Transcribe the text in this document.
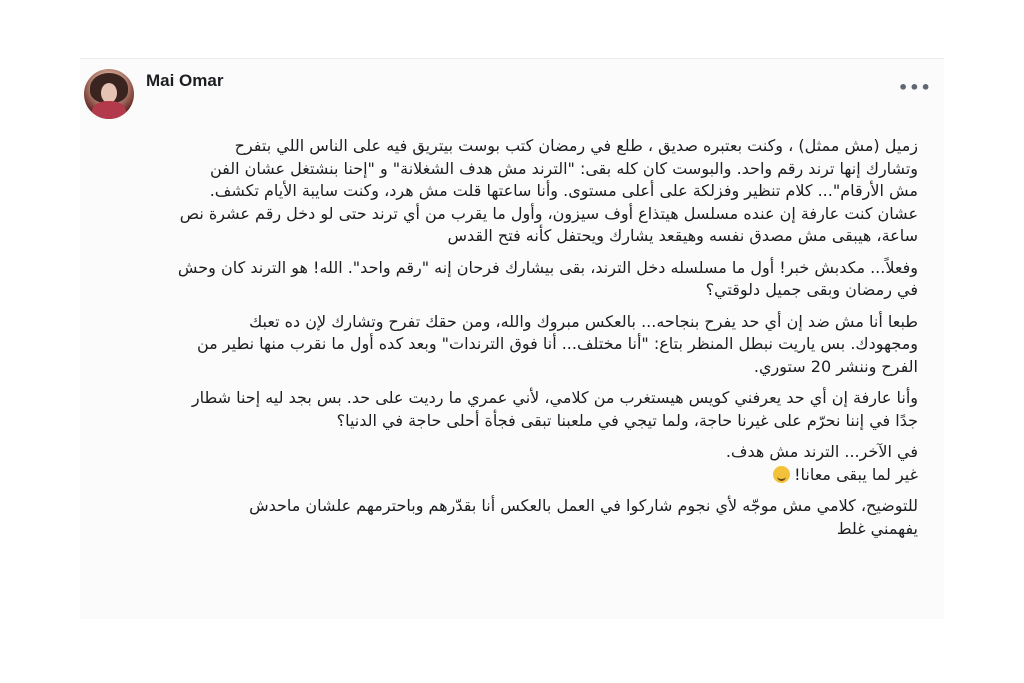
Mai Omar	•••

زميل (مش ممثل) ، وكنت بعتبره صديق ، طلع في رمضان كتب بوست بيتريق فيه على الناس اللي بتفرح
وتشارك إنها ترند رقم واحد. والبوست كان كله بقى: "الترند مش هدف الشغلانة" و "إحنا بنشتغل عشان الفن
مش الأرقام"... كلام تنظير وفزلكة على أعلى مستوى. وأنا ساعتها قلت مش هرد، وكنت سايبة الأيام تكشف.
عشان كنت عارفة إن عنده مسلسل هيتذاع أوف سيزون، وأول ما يقرب من أي ترند حتى لو دخل رقم عشرة نص
ساعة، هيبقى مش مصدق نفسه وهيقعد يشارك ويحتفل كأنه فتح القدس

وفعلاً... مكدبش خبر! أول ما مسلسله دخل الترند، بقى بيشارك فرحان إنه "رقم واحد". الله! هو الترند كان وحش
في رمضان وبقى جميل دلوقتي؟

طبعا أنا مش ضد إن أي حد يفرح بنجاحه... بالعكس مبروك والله، ومن حقك تفرح وتشارك لإن ده تعبك
ومجهودك. بس ياريت نبطل المنظر بتاع: "أنا مختلف... أنا فوق الترندات" وبعد كده أول ما نقرب منها نطير من
الفرح وننشر 20 ستوري.

وأنا عارفة إن أي حد يعرفني كويس هيستغرب من كلامي، لأني عمري ما رديت على حد. بس بجد ليه إحنا شطار
جدًا في إننا نحرّم على غيرنا حاجة، ولما تيجي في ملعبنا تبقى فجأة أحلى حاجة في الدنيا؟

في الآخر... الترند مش هدف.
غير لما يبقى معانا!

للتوضيح، كلامي مش موجّه لأي نجوم شاركوا في العمل بالعكس أنا بقدّرهم وباحترمهم علشان ماحدش
يفهمني غلط
